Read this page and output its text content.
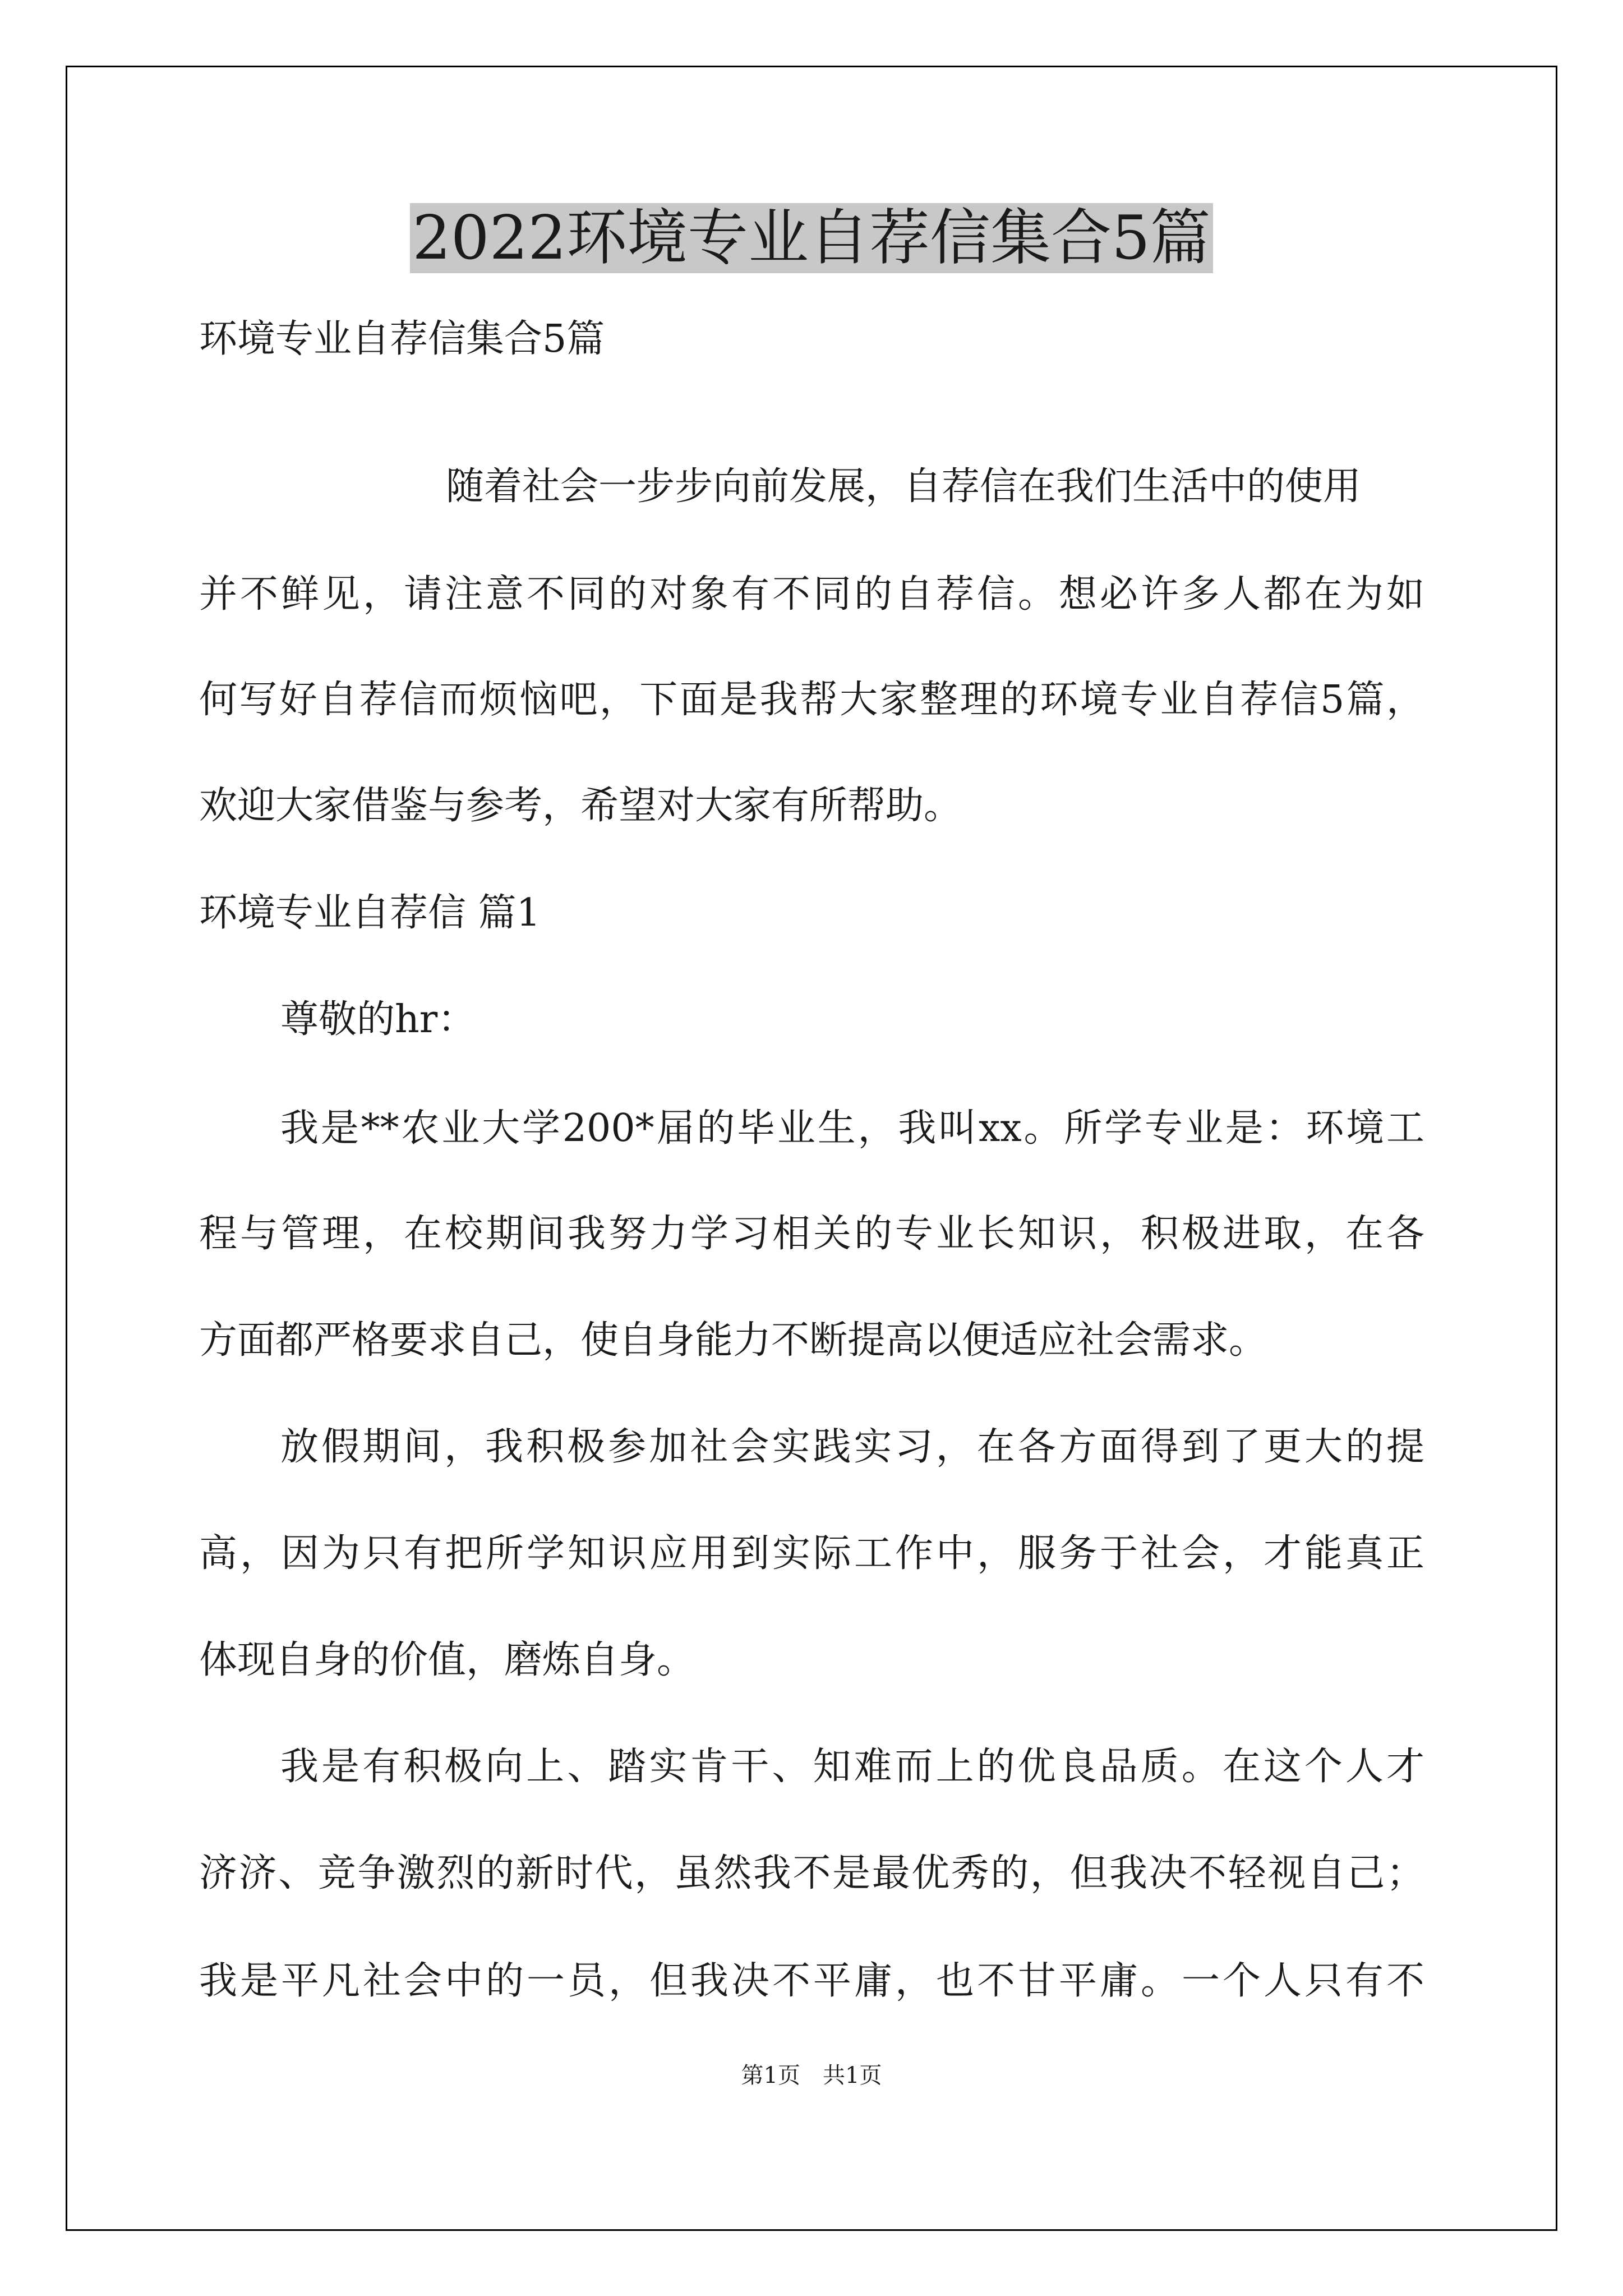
2022环境专业自荐信集合5篇
环境专业自荐信集合5篇
随着社会一步步向前发展，自荐信在我们生活中的使用
并不鲜见，请注意不同的对象有不同的自荐信。想必许多人都在为如
何写好自荐信而烦恼吧，下面是我帮大家整理的环境专业自荐信5篇，
欢迎大家借鉴与参考，希望对大家有所帮助。
环境专业自荐信 篇1
尊敬的hr：
我是**农业大学200*届的毕业生，我叫xx。所学专业是：环境工
程与管理，在校期间我努力学习相关的专业长知识，积极进取，在各
方面都严格要求自己，使自身能力不断提高以便适应社会需求。
放假期间，我积极参加社会实践实习，在各方面得到了更大的提
高，因为只有把所学知识应用到实际工作中，服务于社会，才能真正
体现自身的价值，磨炼自身。
我是有积极向上、踏实肯干、知难而上的优良品质。在这个人才
济济、竞争激烈的新时代，虽然我不是最优秀的，但我决不轻视自己；
我是平凡社会中的一员，但我决不平庸，也不甘平庸。一个人只有不
第1页　共1页
